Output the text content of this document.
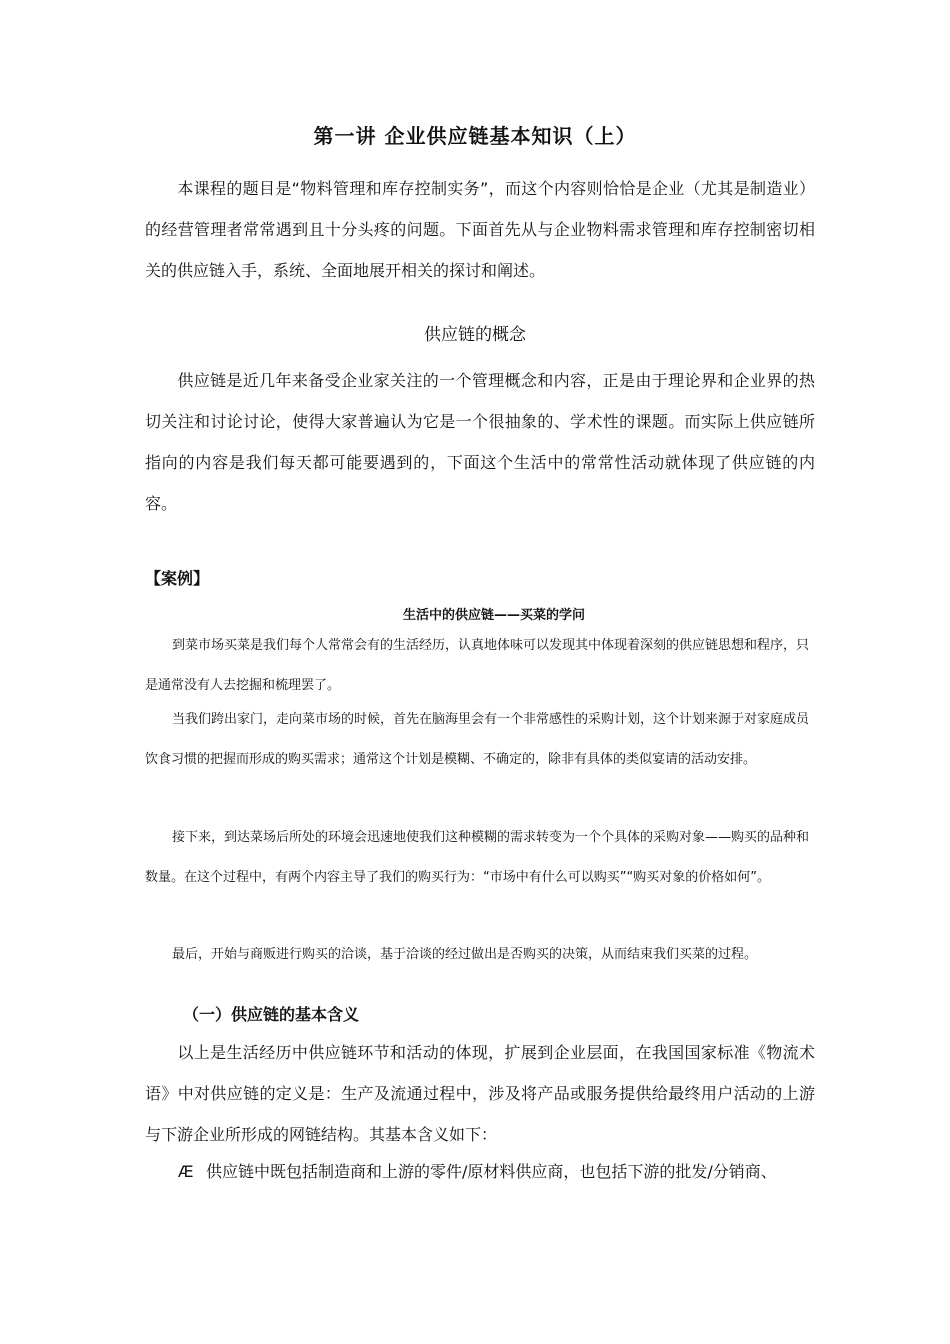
第一讲 企业供应链基本知识（上）

本课程的题目是“物料管理和库存控制实务”，而这个内容则恰恰是企业（尤其是制造业）的经营管理者常常遇到且十分头疼的问题。下面首先从与企业物料需求管理和库存控制密切相关的供应链入手，系统、全面地展开相关的探讨和阐述。

供应链的概念

供应链是近几年来备受企业家关注的一个管理概念和内容，正是由于理论界和企业界的热切关注和讨论讨论，使得大家普遍认为它是一个很抽象的、学术性的课题。而实际上供应链所指向的内容是我们每天都可能要遇到的，下面这个生活中的常常性活动就体现了供应链的内容。

【案例】
生活中的供应链——买菜的学问

到菜市场买菜是我们每个人常常会有的生活经历，认真地体味可以发现其中体现着深刻的供应链思想和程序，只是通常没有人去挖掘和梳理罢了。

当我们跨出家门，走向菜市场的时候，首先在脑海里会有一个非常感性的采购计划，这个计划来源于对家庭成员饮食习惯的把握而形成的购买需求；通常这个计划是模糊、不确定的，除非有具体的类似宴请的活动安排。

接下来，到达菜场后所处的环境会迅速地使我们这种模糊的需求转变为一个个具体的采购对象——购买的品种和数量。在这个过程中，有两个内容主导了我们的购买行为：“市场中有什么可以购买”“购买对象的价格如何”。

最后，开始与商贩进行购买的洽谈，基于洽谈的经过做出是否购买的决策，从而结束我们买菜的过程。

（一）供应链的基本含义

以上是生活经历中供应链环节和活动的体现，扩展到企业层面，在我国国家标准《物流术语》中对供应链的定义是：生产及流通过程中，涉及将产品或服务提供给最终用户活动的上游与下游企业所形成的网链结构。其基本含义如下：

Æ 供应链中既包括制造商和上游的零件/原材料供应商，也包括下游的批发/分销商、
